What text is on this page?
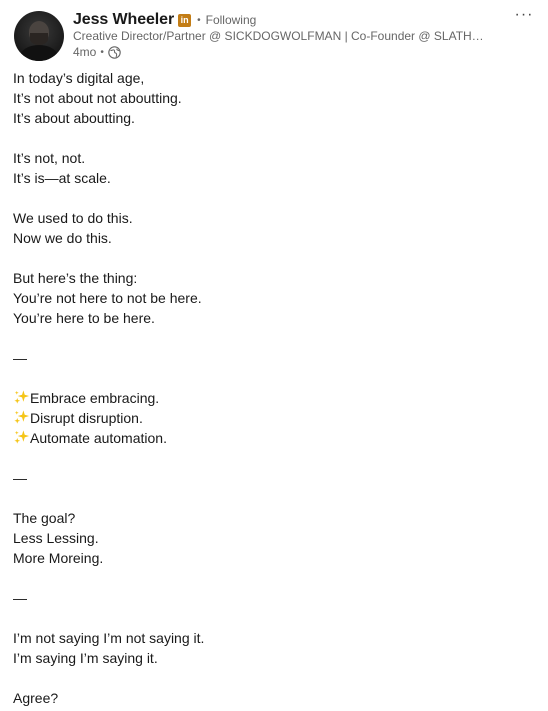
Jess Wheeler in • Following
Creative Director/Partner @ SICKDOGWOLFMAN | Co-Founder @ SLATH…
4mo •
···
In today’s digital age,
It’s not about not aboutting.
It’s about aboutting.
It’s not, not.
It’s is—at scale.
We used to do this.
Now we do this.
But here’s the thing:
You’re not here to not be here.
You’re here to be here.
—
Embrace embracing.
Disrupt disruption.
Automate automation.
—
The goal?
Less Lessing.
More Moreing.
—
I’m not saying I’m not saying it.
I’m saying I’m saying it.
Agree?
